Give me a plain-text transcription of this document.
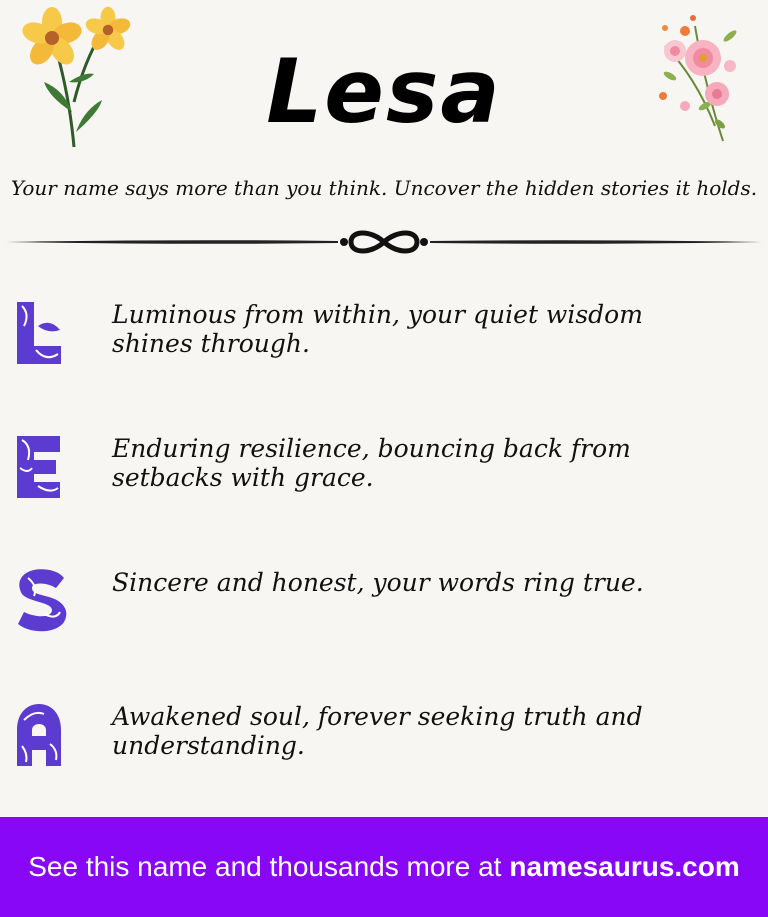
Lesa
Your name says more than you think. Uncover the hidden stories it holds.
Luminous from within, your quiet wisdom shines through.
Enduring resilience, bouncing back from setbacks with grace.
Sincere and honest, your words ring true.
Awakened soul, forever seeking truth and understanding.
See this name and thousands more at namesaurus.com
